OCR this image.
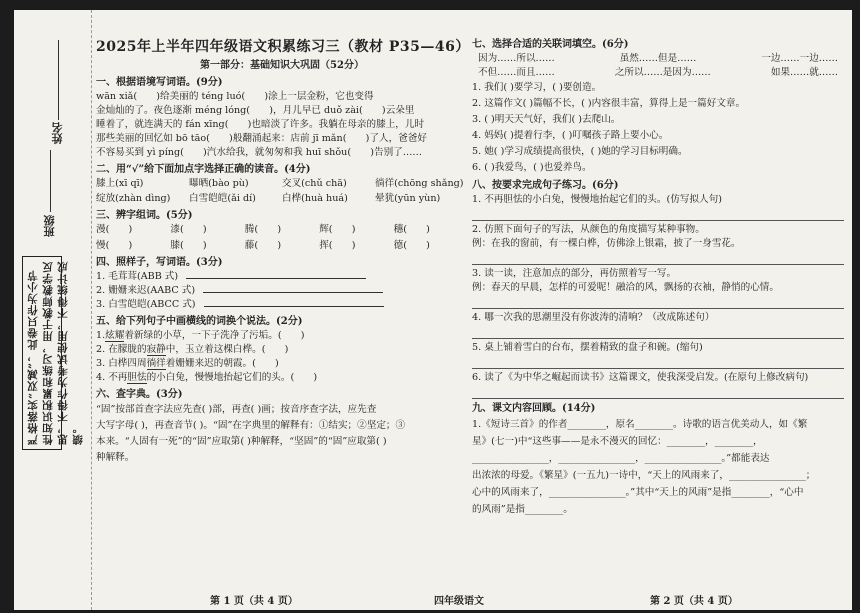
姓名
班级
严格落实“双减”，此卷只作为小节性知识积累和练习，用于教师教学反思，不得作为考试使用，不得统计成绩。
2025年上半年四年级语文积累练习三（教材 P35—46）
第一部分：基础知识大巩固（52分）
一、根据语境写词语。(9分)
wān xiǎ(  )给美丽的 téng luó(  )涂上一层金粉，它也变得
金灿灿的了。夜色逐渐 méng lóng(  )，月儿早已 duǒ zài(  )云朵里
睡着了，就连满天的 fán xīng(  )也暗淡了许多。我躺在母亲的膝上，儿时
那些美丽的回忆如 bō tāo(  )般翻涌起来：店前 jī mǎn(  )了人，爸爸好
不容易买到 yì píng(  )汽水给我，就匆匆和我 huī shǒu(  )告别了……
二、用“√”给下面加点字选择正确的读音。(4分)
膝上(xī qī)	曝晒(bào pù)	交叉(chǔ chā)	徜徉(chōng shǎng)
绽放(zhàn dìng)	白雪皑皑(ǎi dí)	白桦(huà huá)	晕犹(yūn yùn)
三、辨字组词。(5分)
漫(  )	漆(  )	腾(  )	辉(  )	穗(  )
慢(  )	膝(  )	藤(  )	挥(  )	德(  )
四、照样子，写词语。(3分)
1. 毛茸茸(ABB 式)
2. 姗姗来迟(AABC 式)
3. 白雪皑皑(ABCC 式)
五、给下列句子中画横线的词换个说法。(2分)
1.炫耀着新绿的小草，一下子洗净了污垢。(  )
2. 在朦胧的寂静中，玉立着这棵白桦。(  )
3. 白桦四周徜徉着姗姗来迟的朝霞。(  )
4. 不再胆怯的小白兔，慢慢地抬起它们的头。(  )
六、查字典。(3分)
“固”按部首查字法应先查( )部，再查( )画；按音序查字法，应先查
大写字母( )，再查音节( )。“固”在字典里的解释有：①结实；②坚定；③
本来。“人固有一死”的“固”应取第( )种解释，“坚固”的“固”应取第( )
种解释。
七、选择合适的关联词填空。(6分)
因为……所以……	虽然……但是……	一边……一边……
不但……而且……	之所以……是因为……	如果……就……
1. 我们( )要学习，( )要创造。
2. 这篇作文( )篇幅不长，( )内容很丰富，算得上是一篇好文章。
3. ( )明天天气好，我们( )去爬山。
4. 妈妈( )提着行李，( )叮嘱孩子路上要小心。
5. 她( )学习成绩提高很快，( )她的学习目标明确。
6. ( )我爱鸟，( )也爱养鸟。
八、按要求完成句子练习。(6分)
1. 不再胆怯的小白兔，慢慢地抬起它们的头。(仿写拟人句)
2. 仿照下面句子的写法，从颜色的角度描写某种事物。
例：在我的窗前，有一棵白桦，仿佛涂上银霜，披了一身雪花。
3. 读一读，注意加点的部分，再仿照着写一写。
例：春天的早晨，怎样的可爱呢！融洽的风，飘扬的衣袖，静悄的心情。
4. 哪一次我的思潮里没有你波涛的清响？（改成陈述句）
5. 桌上铺着雪白的台布，摆着精致的盘子和碗。(缩句)
6. 读了《为中华之崛起而读书》这篇课文，使我深受启发。(在原句上修改病句)
九、课文内容回顾。(14分)
1.《短诗三首》的作者________，原名________。诗歌的语言优美动人，如《繁
星》(七一)中“这些事——是永不漫灭的回忆：________，________，
________________，________________，________________。”都能表达
出浓浓的母爱。《繁星》(一五九)一诗中，“天上的风雨来了，________________；
心中的风雨来了，________________。”其中“天上的风雨”是指________，“心中
的风雨”是指________。
第 1 页（共 4 页）	四年级语文	第 2 页（共 4 页）
